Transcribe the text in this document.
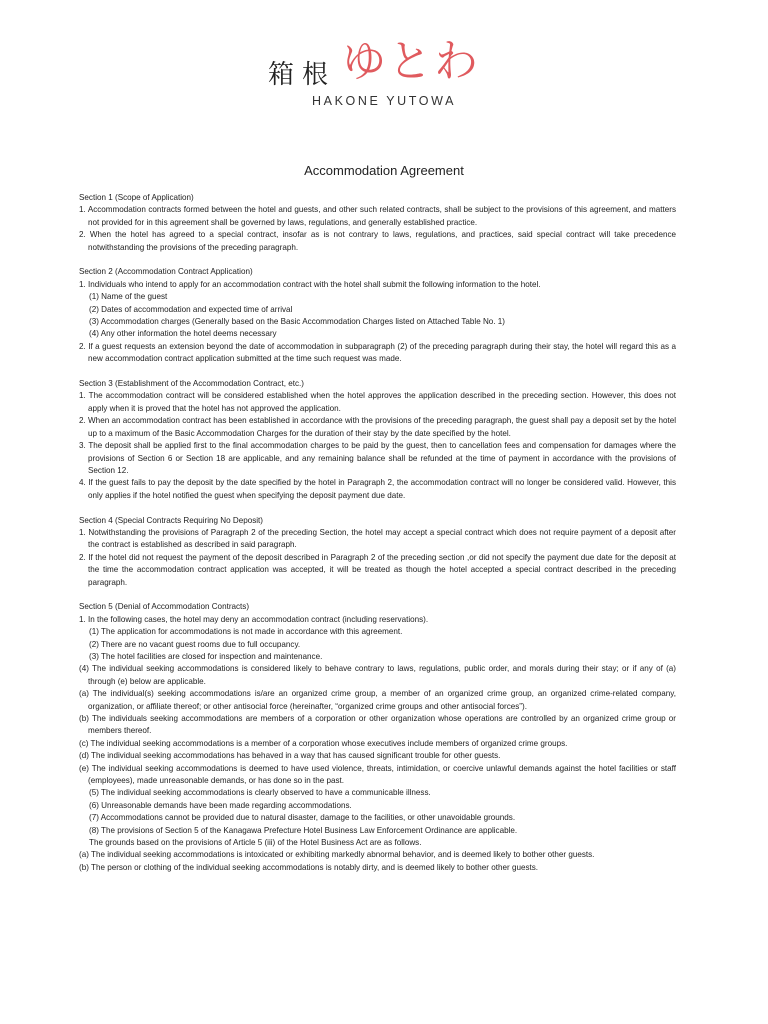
箱根 ゆとわ
HAKONE YUTOWA
Accommodation Agreement
Section 1 (Scope of Application)
1. Accommodation contracts formed between the hotel and guests, and other such related contracts, shall be subject to the provisions of this agreement, and matters not provided for in this agreement shall be governed by laws, regulations, and generally established practice.
2. When the hotel has agreed to a special contract, insofar as is not contrary to laws, regulations, and practices, said special contract will take precedence notwithstanding the provisions of the preceding paragraph.
Section 2 (Accommodation Contract Application)
1. Individuals who intend to apply for an accommodation contract with the hotel shall submit the following information to the hotel.
(1) Name of the guest
(2) Dates of accommodation and expected time of arrival
(3) Accommodation charges (Generally based on the Basic Accommodation Charges listed on Attached Table No. 1)
(4) Any other information the hotel deems necessary
2. If a guest requests an extension beyond the date of accommodation in subparagraph (2) of the preceding paragraph during their stay, the hotel will regard this as a new accommodation contract application submitted at the time such request was made.
Section 3 (Establishment of the Accommodation Contract, etc.)
1. The accommodation contract will be considered established when the hotel approves the application described in the preceding section. However, this does not apply when it is proved that the hotel has not approved the application.
2. When an accommodation contract has been established in accordance with the provisions of the preceding paragraph, the guest shall pay a deposit set by the hotel up to a maximum of the Basic Accommodation Charges for the duration of their stay by the date specified by the hotel.
3. The deposit shall be applied first to the final accommodation charges to be paid by the guest, then to cancellation fees and compensation for damages where the provisions of Section 6 or Section 18 are applicable, and any remaining balance shall be refunded at the time of payment in accordance with the provisions of Section 12.
4. If the guest fails to pay the deposit by the date specified by the hotel in Paragraph 2, the accommodation contract will no longer be considered valid. However, this only applies if the hotel notified the guest when specifying the deposit payment due date.
Section 4 (Special Contracts Requiring No Deposit)
1. Notwithstanding the provisions of Paragraph 2 of the preceding Section, the hotel may accept a special contract which does not require payment of a deposit after the contract is established as described in said paragraph.
2. If the hotel did not request the payment of the deposit described in Paragraph 2 of the preceding section ,or did not specify the payment due date for the deposit at the time the accommodation contract application was accepted, it will be treated as though the hotel accepted a special contract described in the preceding paragraph.
Section 5 (Denial of Accommodation Contracts)
1. In the following cases, the hotel may deny an accommodation contract (including reservations).
(1) The application for accommodations is not made in accordance with this agreement.
(2) There are no vacant guest rooms due to full occupancy.
(3) The hotel facilities are closed for inspection and maintenance.
(4) The individual seeking accommodations is considered likely to behave contrary to laws, regulations, public order, and morals during their stay; or if any of (a) through (e) below are applicable.
(a) The individual(s) seeking accommodations is/are an organized crime group, a member of an organized crime group, an organized crime-related company, organization, or affiliate thereof; or other antisocial force (hereinafter, “organized crime groups and other antisocial forces”).
(b) The individuals seeking accommodations are members of a corporation or other organization whose operations are controlled by an organized crime group or members thereof.
(c) The individual seeking accommodations is a member of a corporation whose executives include members of organized crime groups.
(d) The individual seeking accommodations has behaved in a way that has caused significant trouble for other guests.
(e) The individual seeking accommodations is deemed to have used violence, threats, intimidation, or coercive unlawful demands against the hotel facilities or staff (employees), made unreasonable demands, or has done so in the past.
(5) The individual seeking accommodations is clearly observed to have a communicable illness.
(6) Unreasonable demands have been made regarding accommodations.
(7) Accommodations cannot be provided due to natural disaster, damage to the facilities, or other unavoidable grounds.
(8) The provisions of Section 5 of the Kanagawa Prefecture Hotel Business Law Enforcement Ordinance are applicable.
The grounds based on the provisions of Article 5 (iii) of the Hotel Business Act are as follows.
(a) The individual seeking accommodations is intoxicated or exhibiting markedly abnormal behavior, and is deemed likely to bother other guests.
(b) The person or clothing of the individual seeking accommodations is notably dirty, and is deemed likely to bother other guests.
